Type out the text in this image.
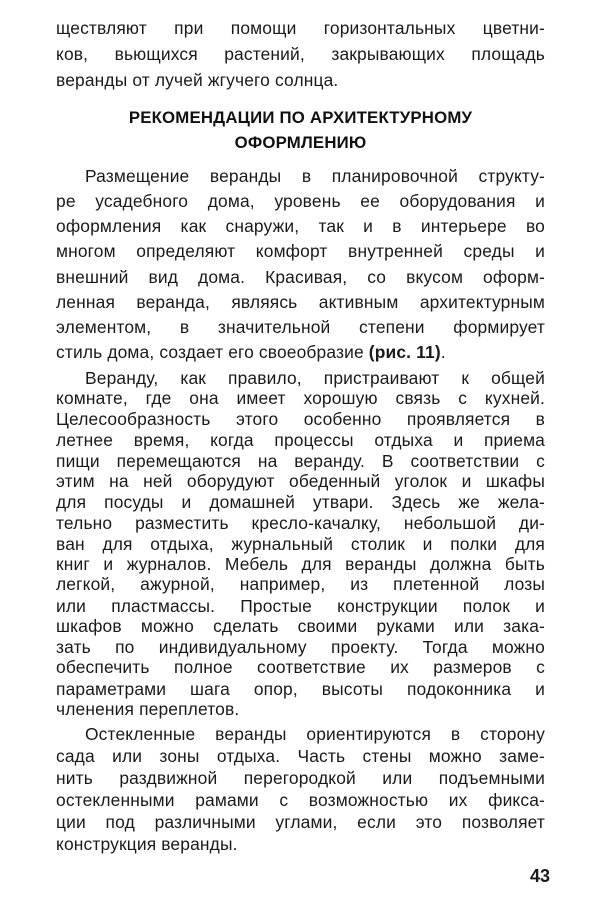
ществляют при помощи горизонтальных цветни-
ков, вьющихся растений, закрывающих площадь
веранды от лучей жгучего солнца.
РЕКОМЕНДАЦИИ ПО АРХИТЕКТУРНОМУ
ОФОРМЛЕНИЮ
Размещение веранды в планировочной структу-
ре усадебного дома, уровень ее оборудования и
оформления как снаружи, так и в интерьере во
многом определяют комфорт внутренней среды и
внешний вид дома. Красивая, со вкусом оформ-
ленная веранда, являясь активным архитектурным
элементом, в значительной степени формирует
стиль дома, создает его своеобразие (рис. 11).
Веранду, как правило, пристраивают к общей
комнате, где она имеет хорошую связь с кухней.
Целесообразность этого особенно проявляется в
летнее время, когда процессы отдыха и приема
пищи перемещаются на веранду. В соответствии с
этим на ней оборудуют обеденный уголок и шкафы
для посуды и домашней утвари. Здесь же жела-
тельно разместить кресло-качалку, небольшой ди-
ван для отдыха, журнальный столик и полки для
книг и журналов. Мебель для веранды должна быть
легкой, ажурной, например, из плетенной лозы
или пластмассы. Простые конструкции полок и
шкафов можно сделать своими руками или зака-
зать по индивидуальному проекту. Тогда можно
обеспечить полное соответствие их размеров с
параметрами шага опор, высоты подоконника и
членения переплетов.
Остекленные веранды ориентируются в сторону
сада или зоны отдыха. Часть стены можно заме-
нить раздвижной перегородкой или подъемными
остекленными рамами с возможностью их фикса-
ции под различными углами, если это позволяет
конструкция веранды.
43
